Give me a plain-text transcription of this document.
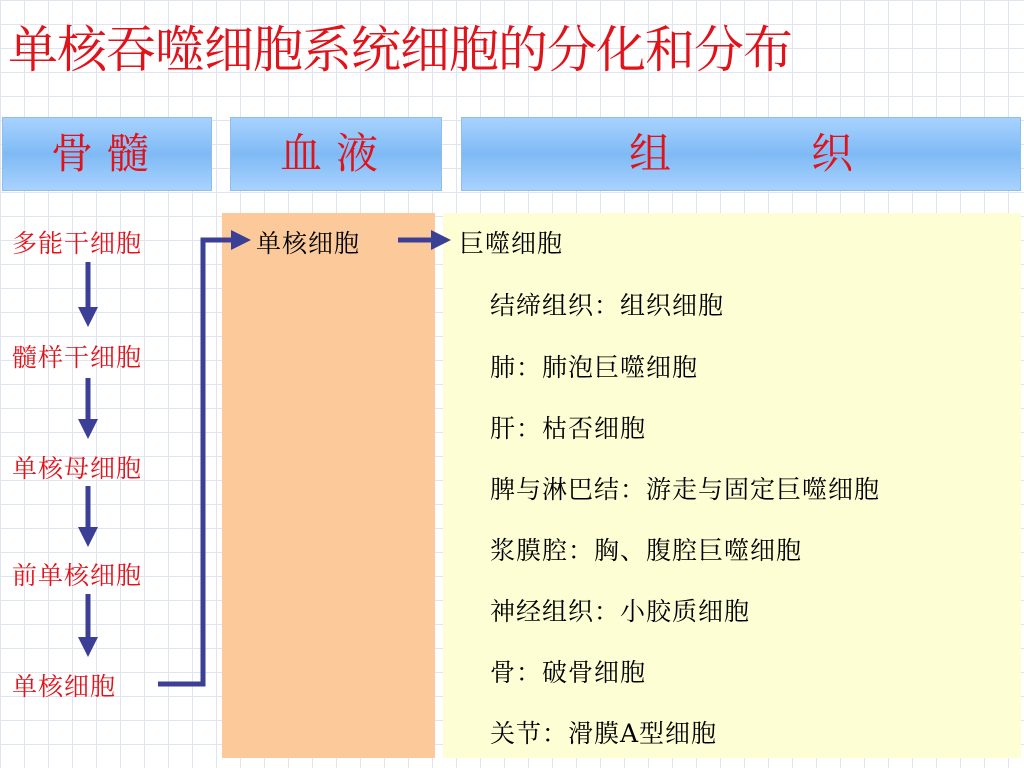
单核吞噬细胞系统细胞的分化和分布
骨髓	血液	组	织
多能干细胞
髓样干细胞
单核母细胞
前单核细胞
单核细胞
单核细胞	巨噬细胞
结缔组织：组织细胞
肺：肺泡巨噬细胞
肝：枯否细胞
脾与淋巴结：游走与固定巨噬细胞
浆膜腔：胸、腹腔巨噬细胞
神经组织：小胶质细胞
骨：破骨细胞
关节：滑膜A型细胞
